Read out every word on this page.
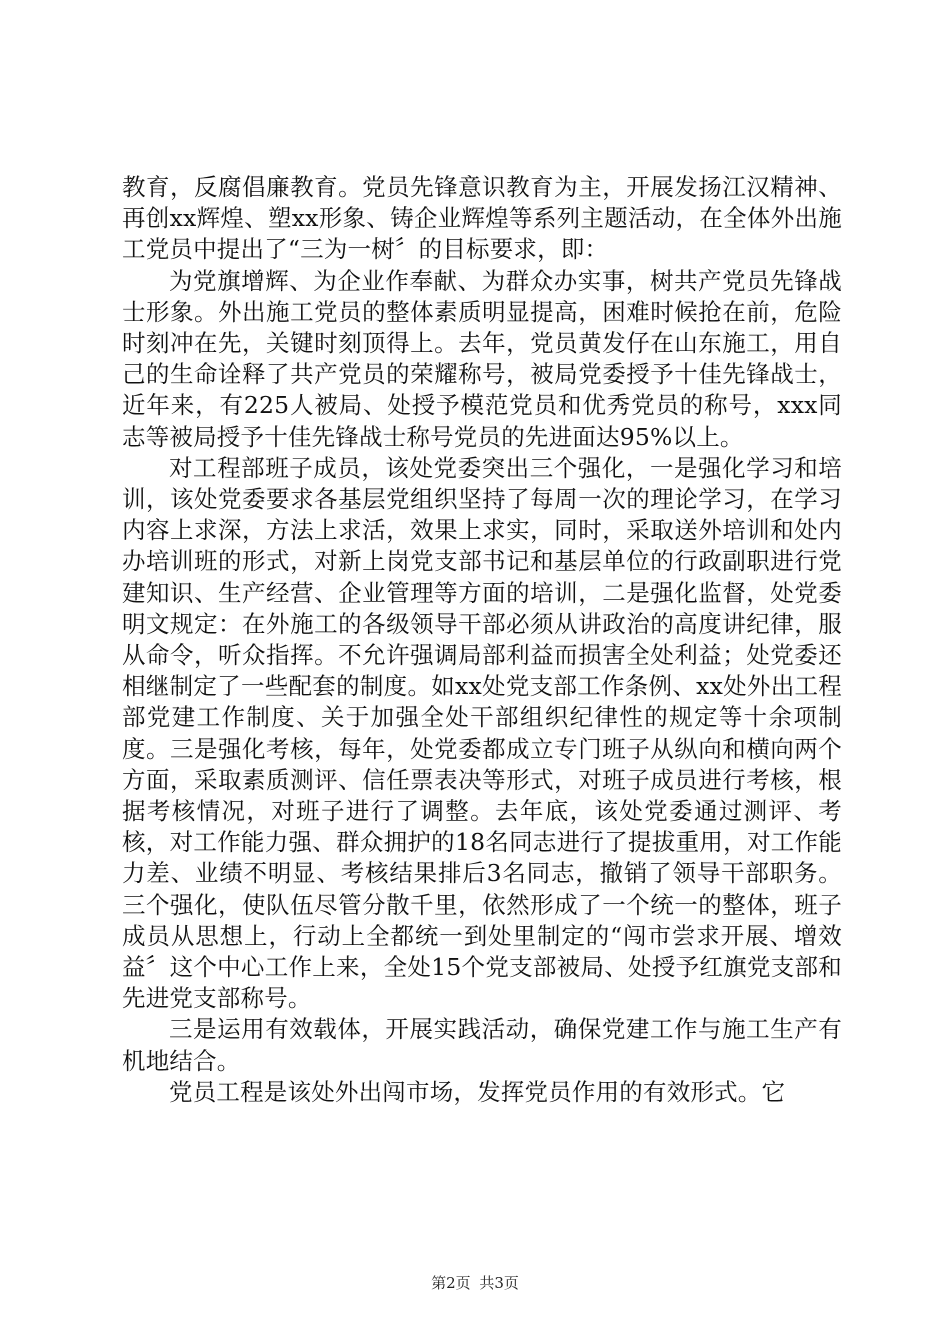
教育，反腐倡廉教育。党员先锋意识教育为主，开展发扬江汉精神、再创xx辉煌、塑xx形象、铸企业辉煌等系列主题活动，在全体外出施工党员中提出了“三为一树〞的目标要求，即：

为党旗增辉、为企业作奉献、为群众办实事，树共产党员先锋战士形象。外出施工党员的整体素质明显提高，困难时候抢在前，危险时刻冲在先，关键时刻顶得上。去年，党员黄发仔在山东施工，用自己的生命诠释了共产党员的荣耀称号，被局党委授予十佳先锋战士，近年来，有225人被局、处授予模范党员和优秀党员的称号，xxx同志等被局授予十佳先锋战士称号党员的先进面达95%以上。

对工程部班子成员，该处党委突出三个强化，一是强化学习和培训，该处党委要求各基层党组织坚持了每周一次的理论学习，在学习内容上求深，方法上求活，效果上求实，同时，采取送外培训和处内办培训班的形式，对新上岗党支部书记和基层单位的行政副职进行党建知识、生产经营、企业管理等方面的培训，二是强化监督，处党委明文规定：在外施工的各级领导干部必须从讲政治的高度讲纪律，服从命令，听众指挥。不允许强调局部利益而损害全处利益；处党委还相继制定了一些配套的制度。如xx处党支部工作条例、xx处外出工程部党建工作制度、关于加强全处干部组织纪律性的规定等十余项制度。三是强化考核，每年，处党委都成立专门班子从纵向和横向两个方面，采取素质测评、信任票表决等形式，对班子成员进行考核，根据考核情况，对班子进行了调整。去年底，该处党委通过测评、考核，对工作能力强、群众拥护的18名同志进行了提拔重用，对工作能力差、业绩不明显、考核结果排后3名同志，撤销了领导干部职务。三个强化，使队伍尽管分散千里，依然形成了一个统一的整体，班子成员从思想上，行动上全都统一到处里制定的“闯市尝求开展、增效益〞这个中心工作上来，全处15个党支部被局、处授予红旗党支部和先进党支部称号。

三是运用有效载体，开展实践活动，确保党建工作与施工生产有机地结合。

党员工程是该处外出闯市场，发挥党员作用的有效形式。它

第2页 共3页
